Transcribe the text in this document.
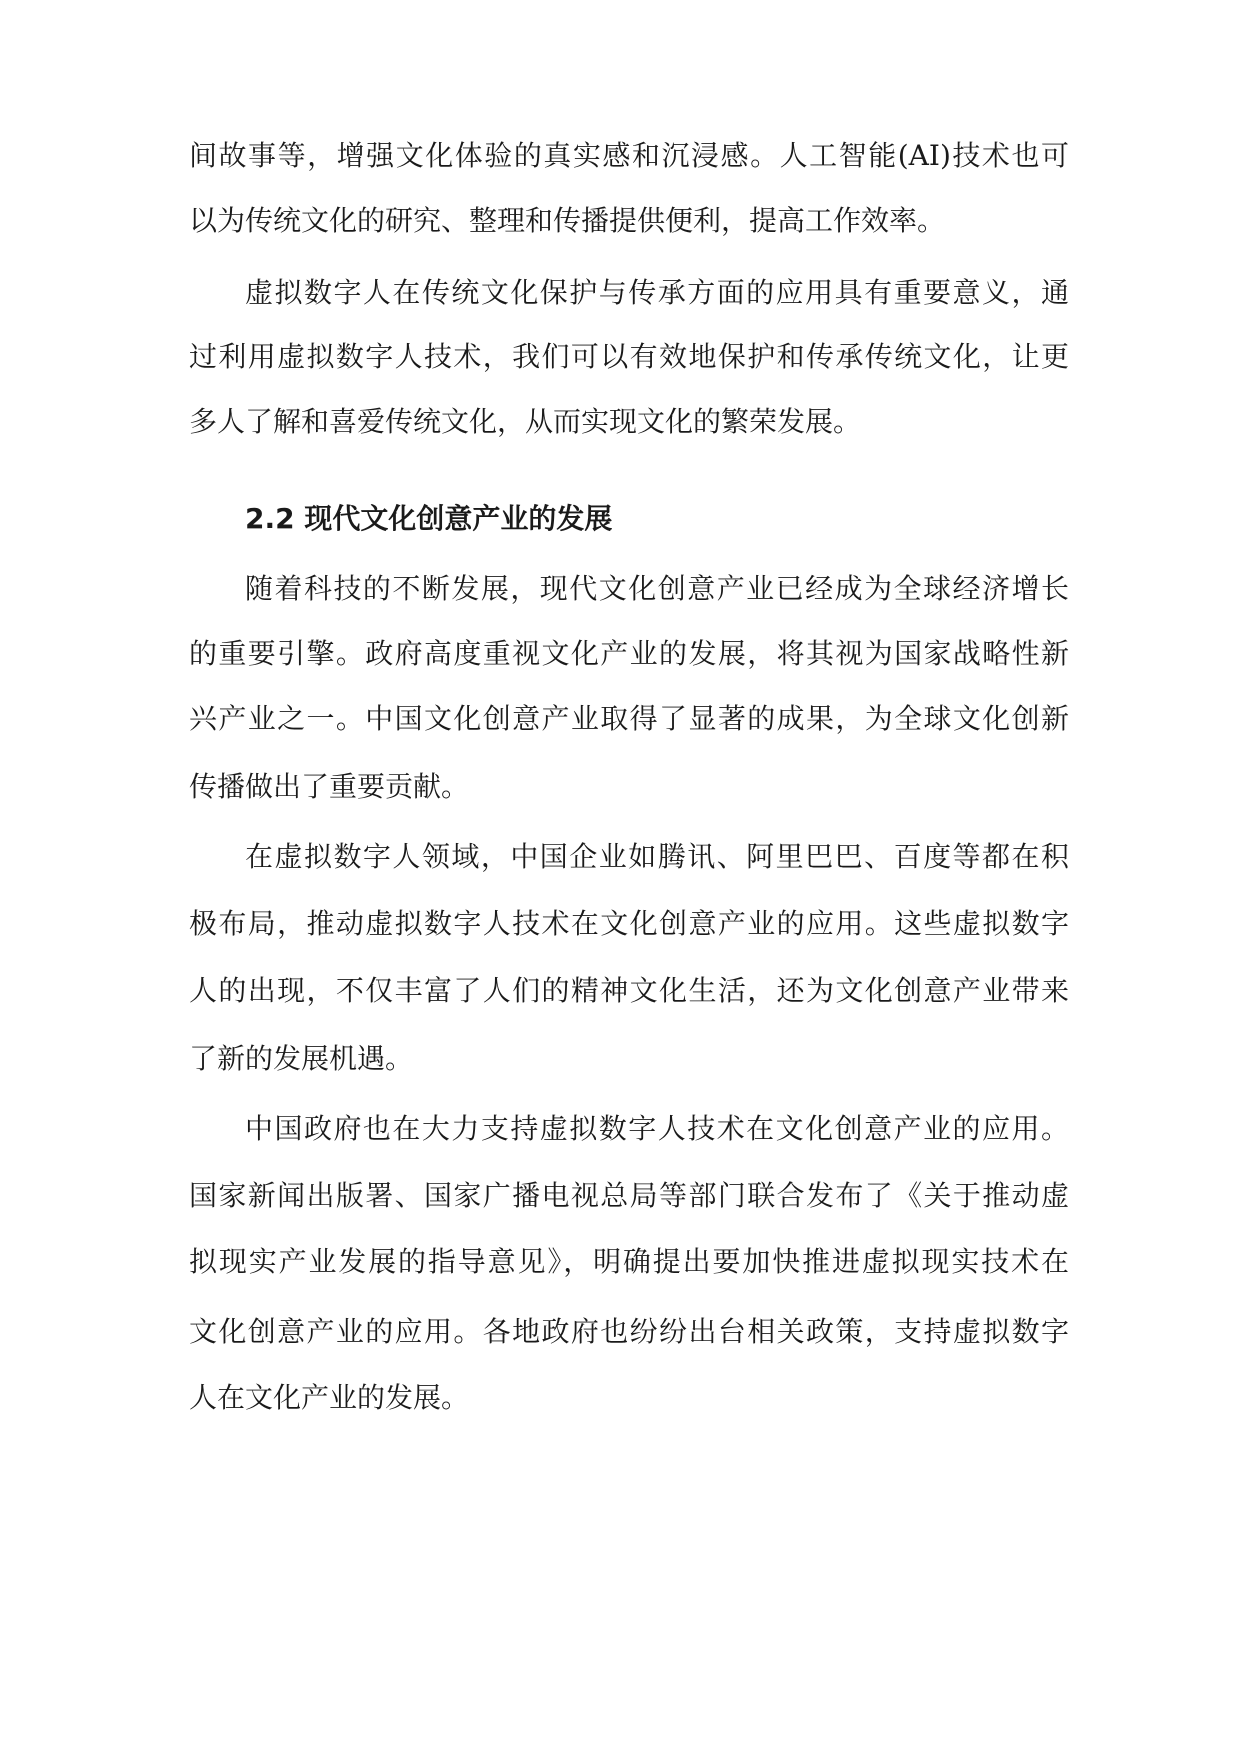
间故事等，增强文化体验的真实感和沉浸感。人工智能(AI)技术也可
以为传统文化的研究、整理和传播提供便利，提高工作效率。
虚拟数字人在传统文化保护与传承方面的应用具有重要意义，通
过利用虚拟数字人技术，我们可以有效地保护和传承传统文化，让更
多人了解和喜爱传统文化，从而实现文化的繁荣发展。
2.2 现代文化创意产业的发展
随着科技的不断发展，现代文化创意产业已经成为全球经济增长
的重要引擎。政府高度重视文化产业的发展，将其视为国家战略性新
兴产业之一。中国文化创意产业取得了显著的成果，为全球文化创新
传播做出了重要贡献。
在虚拟数字人领域，中国企业如腾讯、阿里巴巴、百度等都在积
极布局，推动虚拟数字人技术在文化创意产业的应用。这些虚拟数字
人的出现，不仅丰富了人们的精神文化生活，还为文化创意产业带来
了新的发展机遇。
中国政府也在大力支持虚拟数字人技术在文化创意产业的应用。
国家新闻出版署、国家广播电视总局等部门联合发布了《关于推动虚
拟现实产业发展的指导意见》，明确提出要加快推进虚拟现实技术在
文化创意产业的应用。各地政府也纷纷出台相关政策，支持虚拟数字
人在文化产业的发展。
